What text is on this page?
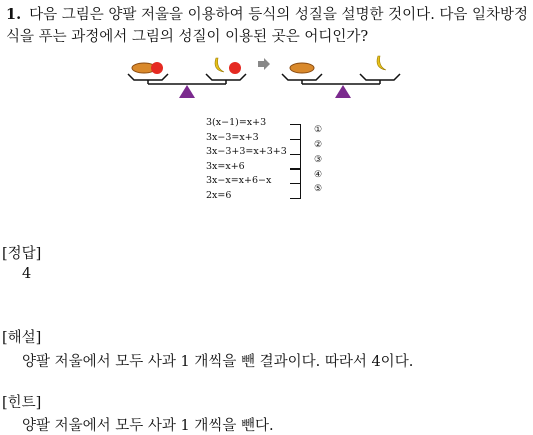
1. 다음 그림은 양팔 저울을 이용하여 등식의 성질을 설명한 것이다. 다음 일차방정식을 푸는 과정에서 그림의 성질이 이용된 곳은 어디인가?
3(x−1)=x+3
3x−3=x+3
3x−3+3=x+3+3
3x=x+6
3x−x=x+6−x
2x=6
①
②
③
④
⑤
[정답]
4
[해설]
양팔 저울에서 모두 사과 1 개씩을 뺀 결과이다. 따라서 4이다.
[힌트]
양팔 저울에서 모두 사과 1 개씩을 뺀다.
